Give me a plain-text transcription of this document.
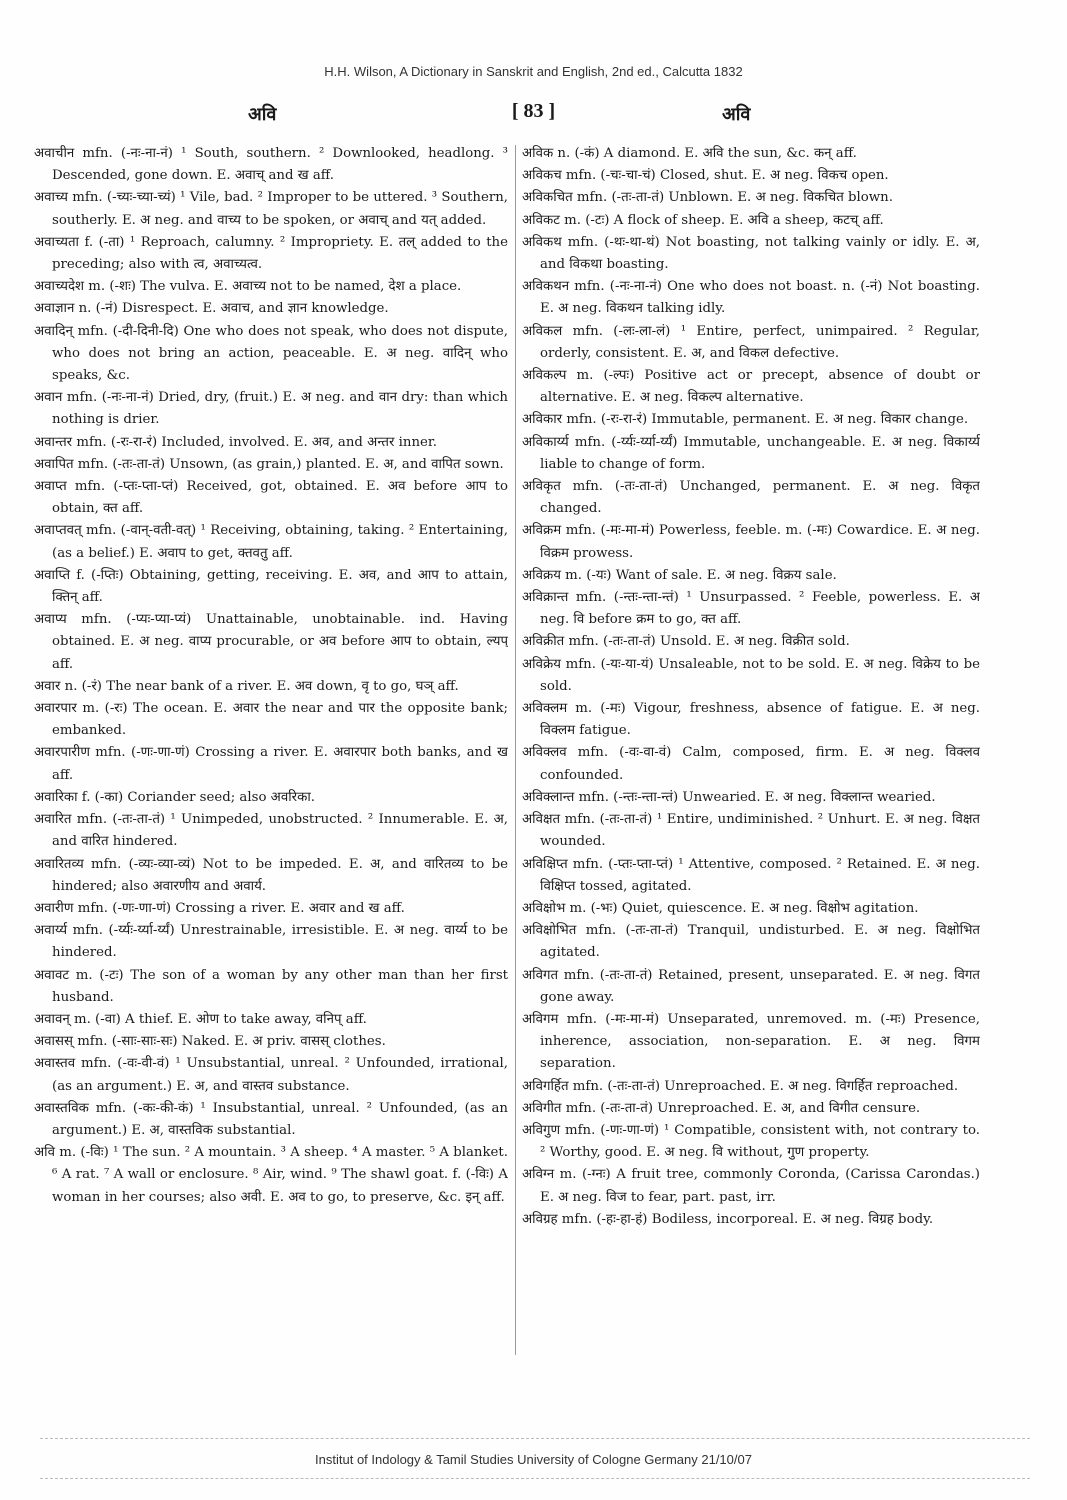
H.H. Wilson, A Dictionary in Sanskrit and English, 2nd ed., Calcutta 1832
अवि	[ 83 ]	अवि

अवाचीन mfn. (-नः-ना-नं) ¹ South, southern. ² Downlooked, headlong. ³ Descended, gone down. E. अवाच् and ख aff.

अवाच्य mfn. (-च्यः-च्या-च्यं) ¹ Vile, bad. ² Improper to be uttered. ³ Southern, southerly. E. अ neg. and वाच्य to be spoken, or अवाच् and यत् added.

अवाच्यता f. (-ता) ¹ Reproach, calumny. ² Impropriety. E. तल् added to the preceding; also with त्व, अवाच्यत्व.

अवाच्यदेश m. (-शः) The vulva. E. अवाच्य not to be named, देश a place.

अवाज्ञान n. (-नं) Disrespect. E. अवाच, and ज्ञान knowledge.

अवादिन् mfn. (-दी-दिनी-दि) One who does not speak, who does not dispute, who does not bring an action, peaceable. E. अ neg. वादिन् who speaks, &c.

अवान mfn. (-नः-ना-नं) Dried, dry, (fruit.) E. अ neg. and वान dry: than which nothing is drier.

अवान्तर mfn. (-रः-रा-रं) Included, involved. E. अव, and अन्तर inner.

अवापित mfn. (-तः-ता-तं) Unsown, (as grain,) planted. E. अ, and वापित sown.

अवाप्त mfn. (-प्तः-प्ता-प्तं) Received, got, obtained. E. अव before आप to obtain, क्त aff.

अवाप्तवत् mfn. (-वान्-वती-वत्) ¹ Receiving, obtaining, taking. ² Entertaining, (as a belief.) E. अवाप to get, क्तवतु aff.

अवाप्ति f. (-प्तिः) Obtaining, getting, receiving. E. अव, and आप to attain, क्तिन् aff.

अवाप्य mfn. (-प्यः-प्या-प्यं) Unattainable, unobtainable. ind. Having obtained. E. अ neg. वाप्य procurable, or अव before आप to obtain, ल्यप् aff.

अवार n. (-रं) The near bank of a river. E. अव down, वृ to go, घञ् aff.

अवारपार m. (-रः) The ocean. E. अवार the near and पार the opposite bank; embanked.

अवारपारीण mfn. (-णः-णा-णं) Crossing a river. E. अवारपार both banks, and ख aff.

अवारिका f. (-का) Coriander seed; also अवरिका.

अवारित mfn. (-तः-ता-तं) ¹ Unimpeded, unobstructed. ² Innumerable. E. अ, and वारित hindered.

अवारितव्य mfn. (-व्यः-व्या-व्यं) Not to be impeded. E. अ, and वारितव्य to be hindered; also अवारणीय and अवार्य.

अवारीण mfn. (-णः-णा-णं) Crossing a river. E. अवार and ख aff.

अवार्य्य mfn. (-र्य्यः-र्य्या-र्य्यं) Unrestrainable, irresistible. E. अ neg. वार्य्य to be hindered.

अवावट m. (-टः) The son of a woman by any other man than her first husband.

अवावन् m. (-वा) A thief. E. ओण to take away, वनिप् aff.

अवासस् mfn. (-साः-साः-सः) Naked. E. अ priv. वासस् clothes.

अवास्तव mfn. (-वः-वी-वं) ¹ Unsubstantial, unreal. ² Unfounded, irrational, (as an argument.) E. अ, and वास्तव substance.

अवास्तविक mfn. (-कः-की-कं) ¹ Insubstantial, unreal. ² Unfounded, (as an argument.) E. अ, वास्तविक substantial.

अवि m. (-विः) ¹ The sun. ² A mountain. ³ A sheep. ⁴ A master. ⁵ A blanket. ⁶ A rat. ⁷ A wall or enclosure. ⁸ Air, wind. ⁹ The shawl goat. f. (-विः) A woman in her courses; also अवी. E. अव to go, to preserve, &c. इन् aff.

अविक n. (-कं) A diamond. E. अवि the sun, &c. कन् aff.

अविकच mfn. (-चः-चा-चं) Closed, shut. E. अ neg. विकच open.

अविकचित mfn. (-तः-ता-तं) Unblown. E. अ neg. विकचित blown.

अविकट m. (-टः) A flock of sheep. E. अवि a sheep, कटच् aff.

अविकथ mfn. (-थः-था-थं) Not boasting, not talking vainly or idly. E. अ, and विकथा boasting.

अविकथन mfn. (-नः-ना-नं) One who does not boast. n. (-नं) Not boasting. E. अ neg. विकथन talking idly.

अविकल mfn. (-लः-ला-लं) ¹ Entire, perfect, unimpaired. ² Regular, orderly, consistent. E. अ, and विकल defective.

अविकल्प m. (-ल्पः) Positive act or precept, absence of doubt or alternative. E. अ neg. विकल्प alternative.

अविकार mfn. (-रः-रा-रं) Immutable, permanent. E. अ neg. विकार change.

अविकार्य्य mfn. (-र्य्यः-र्य्या-र्य्यं) Immutable, unchangeable. E. अ neg. विकार्य्य liable to change of form.

अविकृत mfn. (-तः-ता-तं) Unchanged, permanent. E. अ neg. विकृत changed.

अविक्रम mfn. (-मः-मा-मं) Powerless, feeble. m. (-मः) Cowardice. E. अ neg. विक्रम prowess.

अविक्रय m. (-यः) Want of sale. E. अ neg. विक्रय sale.

अविक्रान्त mfn. (-न्तः-न्ता-न्तं) ¹ Unsurpassed. ² Feeble, powerless. E. अ neg. वि before क्रम to go, क्त aff.

अविक्रीत mfn. (-तः-ता-तं) Unsold. E. अ neg. विक्रीत sold.

अविक्रेय mfn. (-यः-या-यं) Unsaleable, not to be sold. E. अ neg. विक्रेय to be sold.

अविक्लम m. (-मः) Vigour, freshness, absence of fatigue. E. अ neg. विक्लम fatigue.

अविक्लव mfn. (-वः-वा-वं) Calm, composed, firm. E. अ neg. विक्लव confounded.

अविक्लान्त mfn. (-न्तः-न्ता-न्तं) Unwearied. E. अ neg. विक्लान्त wearied.

अविक्षत mfn. (-तः-ता-तं) ¹ Entire, undiminished. ² Unhurt. E. अ neg. विक्षत wounded.

अविक्षिप्त mfn. (-प्तः-प्ता-प्तं) ¹ Attentive, composed. ² Retained. E. अ neg. विक्षिप्त tossed, agitated.

अविक्षोभ m. (-भः) Quiet, quiescence. E. अ neg. विक्षोभ agitation.

अविक्षोभित mfn. (-तः-ता-तं) Tranquil, undisturbed. E. अ neg. विक्षोभित agitated.

अविगत mfn. (-तः-ता-तं) Retained, present, unseparated. E. अ neg. विगत gone away.

अविगम mfn. (-मः-मा-मं) Unseparated, unremoved. m. (-मः) Presence, inherence, association, non-separation. E. अ neg. विगम separation.

अविगर्हित mfn. (-तः-ता-तं) Unreproached. E. अ neg. विगर्हित reproached.

अविगीत mfn. (-तः-ता-तं) Unreproached. E. अ, and विगीत censure.

अविगुण mfn. (-णः-णा-णं) ¹ Compatible, consistent with, not contrary to. ² Worthy, good. E. अ neg. वि without, गुण property.

अविग्न m. (-ग्नः) A fruit tree, commonly Coronda, (Carissa Carondas.) E. अ neg. विज to fear, part. past, irr.

अविग्रह mfn. (-हः-हा-हं) Bodiless, incorporeal. E. अ neg. विग्रह body.

Institut of Indology & Tamil Studies University of Cologne Germany 21/10/07
